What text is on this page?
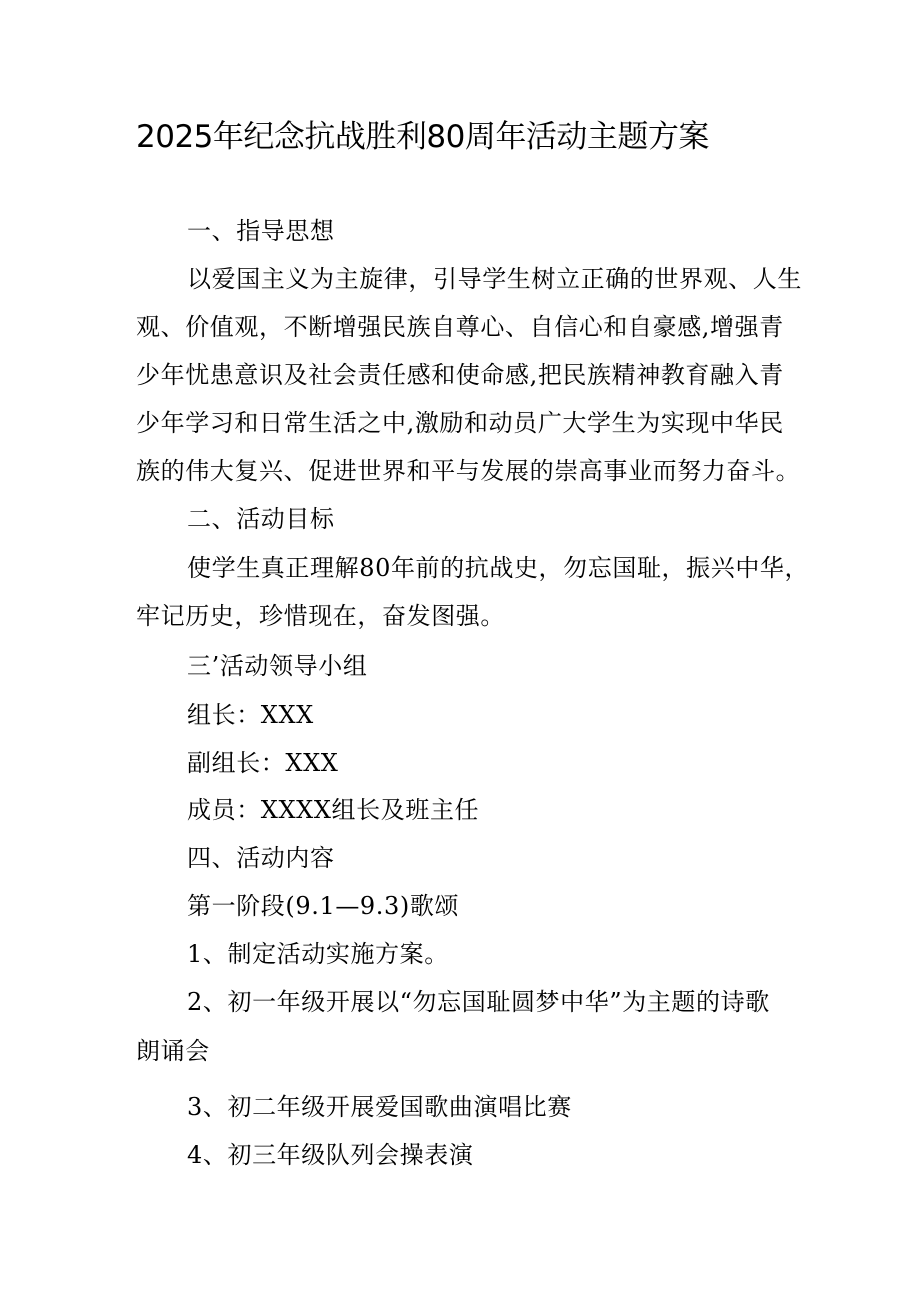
2025年纪念抗战胜利80周年活动主题方案
一、指导思想
以爱国主义为主旋律，引导学生树立正确的世界观、人生
观、价值观，不断增强民族自尊心、自信心和自豪感,增强青
少年忧患意识及社会责任感和使命感,把民族精神教育融入青
少年学习和日常生活之中,激励和动员广大学生为实现中华民
族的伟大复兴、促进世界和平与发展的崇高事业而努力奋斗。
二、活动目标
使学生真正理解80年前的抗战史，勿忘国耻，振兴中华，
牢记历史，珍惜现在，奋发图强。
三’活动领导小组
组长：XXX
副组长：XXX
成员：XXXX组长及班主任
四、活动内容
第一阶段(9.1—9.3)歌颂
1、制定活动实施方案。
2、初一年级开展以“勿忘国耻圆梦中华”为主题的诗歌
朗诵会
3、初二年级开展爱国歌曲演唱比赛
4、初三年级队列会操表演
